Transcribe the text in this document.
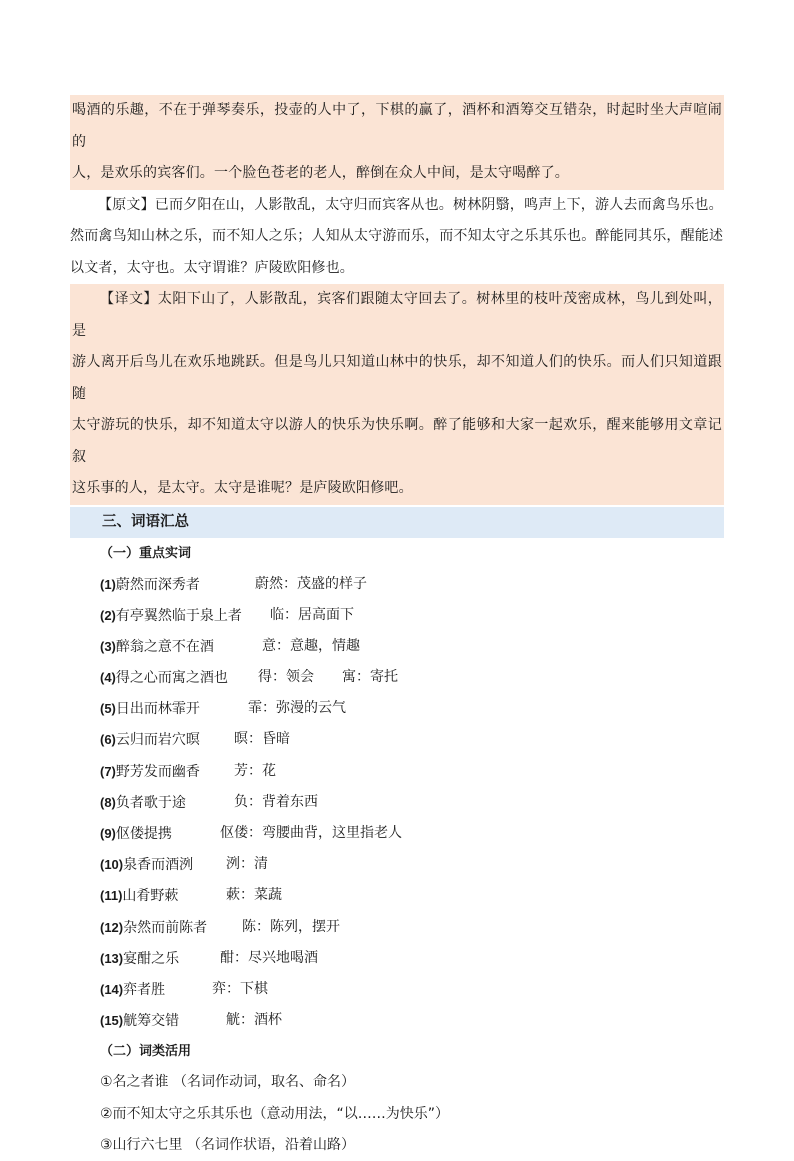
喝酒的乐趣，不在于弹琴奏乐，投壶的人中了，下棋的赢了，酒杯和酒筹交互错杂，时起时坐大声喧闹的

人，是欢乐的宾客们。一个脸色苍老的老人，醉倒在众人中间，是太守喝醉了。

【原文】已而夕阳在山，人影散乱，太守归而宾客从也。树林阴翳，鸣声上下，游人去而禽鸟乐也。

然而禽鸟知山林之乐，而不知人之乐；人知从太守游而乐，而不知太守之乐其乐也。醉能同其乐，醒能述

以文者，太守也。太守谓谁？庐陵欧阳修也。

【译文】太阳下山了，人影散乱，宾客们跟随太守回去了。树林里的枝叶茂密成林，鸟儿到处叫，是

游人离开后鸟儿在欢乐地跳跃。但是鸟儿只知道山林中的快乐，却不知道人们的快乐。而人们只知道跟随

太守游玩的快乐，却不知道太守以游人的快乐为快乐啊。醉了能够和大家一起欢乐，醒来能够用文章记叙

这乐事的人，是太守。太守是谁呢？是庐陵欧阳修吧。

三、词语汇总
（一）重点实词
(1)蔚然而深秀者	蔚然：茂盛的样子
(2)有亭翼然临于泉上者 临：居高面下
(3)醉翁之意不在酒	意：意趣，情趣
(4)得之心而寓之酒也 得：领会　　寓：寄托
(5)日出而林霏开	霏：弥漫的云气
(6)云归而岩穴暝 暝：昏暗
(7)野芳发而幽香 芳：花
(8)负者歌于途	负：背着东西
(9)伛偻提携	伛偻：弯腰曲背，这里指老人
(10)泉香而酒洌 洌：清
(11)山肴野蔌	蔌：菜蔬
(12)杂然而前陈者 陈：陈列，摆开
(13)宴酣之乐	酣：尽兴地喝酒
(14)弈者胜	弈：下棋
(15)觥筹交错	觥：酒杯
（二）词类活用
①名之者谁 （名词作动词，取名、命名）
②而不知太守之乐其乐也（意动用法，“以……为快乐”）
③山行六七里 （名词作状语，沿着山路）
